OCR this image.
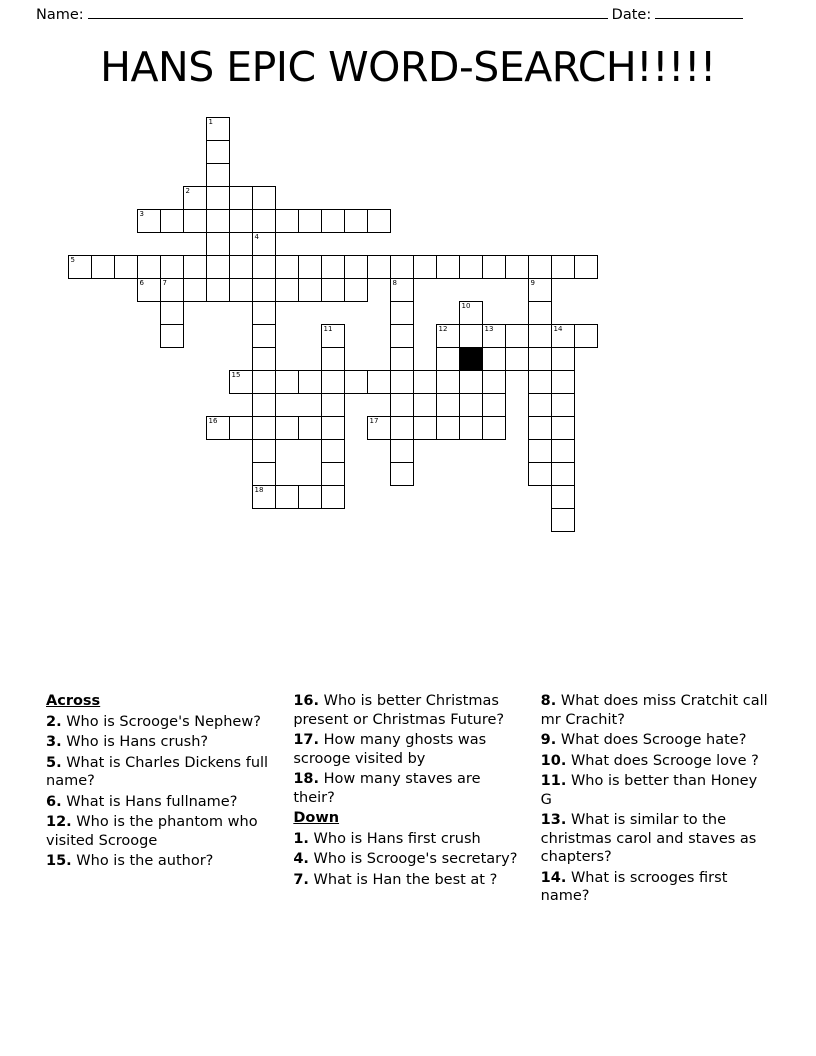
Name:	Date:
HANS EPIC WORD-SEARCH!!!!!
1
2
3
4
5
6	7	8	9
10
11	12	13	14
15
16	17
18
Across
2. Who is Scrooge's Nephew?
3. Who is Hans crush?
5. What is Charles Dickens full name?
6. What is Hans fullname?
12. Who is the phantom who visited Scrooge
15. Who is the author?
16. Who is better Christmas present or Christmas Future?
17. How many ghosts was scrooge visited by
18. How many staves are their?
Down
1. Who is Hans first crush
4. Who is Scrooge's secretary?
7. What is Han the best at ?
8. What does miss Cratchit call mr Crachit?
9. What does Scrooge hate?
10. What does Scrooge love ?
11. Who is better than Honey G
13. What is similar to the christmas carol and staves as chapters?
14. What is scrooges first name?
